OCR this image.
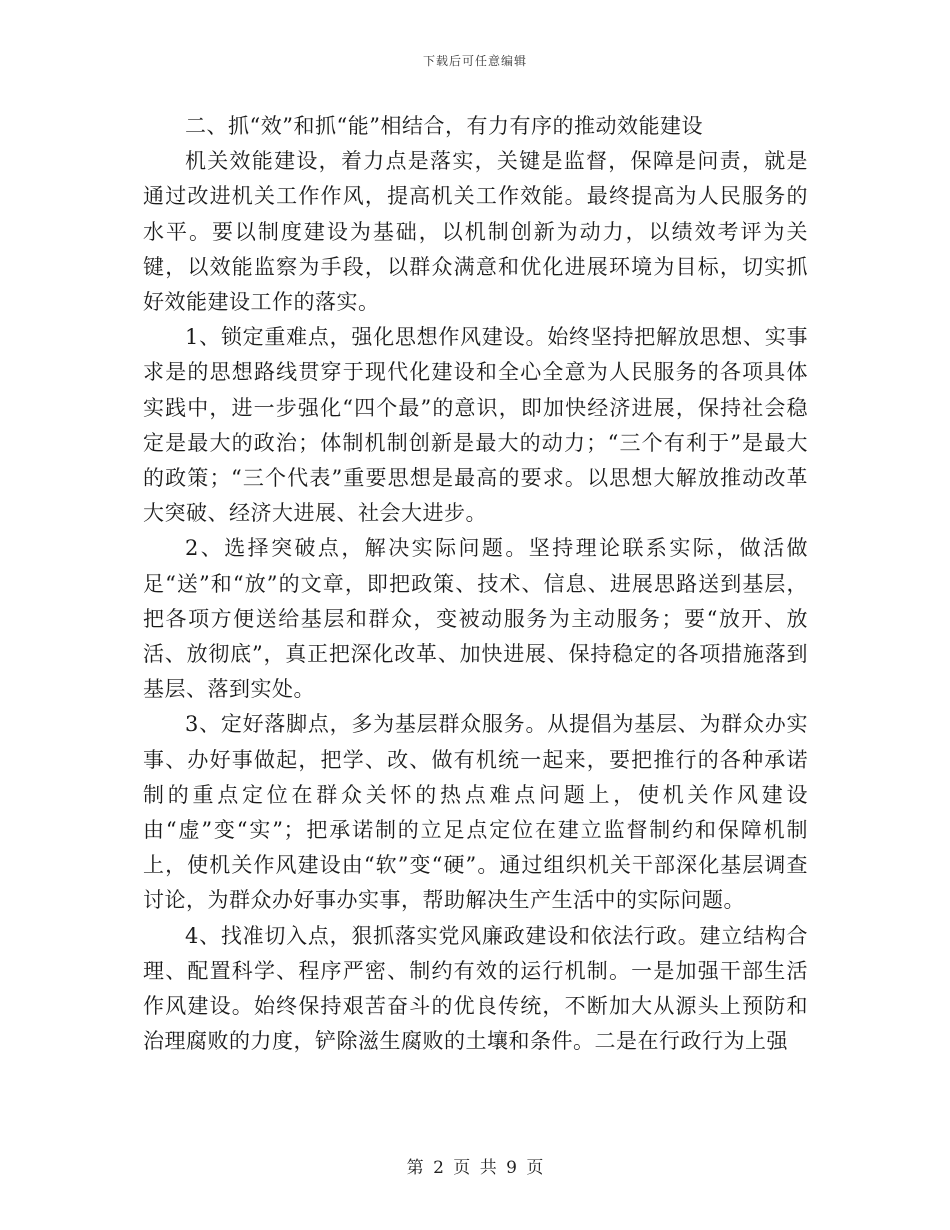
下载后可任意编辑

二、抓“效”和抓“能”相结合，有力有序的推动效能建设

机关效能建设，着力点是落实，关键是监督，保障是问责，就是通过改进机关工作作风，提高机关工作效能。最终提高为人民服务的水平。要以制度建设为基础，以机制创新为动力，以绩效考评为关键，以效能监察为手段，以群众满意和优化进展环境为目标，切实抓好效能建设工作的落实。

1、锁定重难点，强化思想作风建设。始终坚持把解放思想、实事求是的思想路线贯穿于现代化建设和全心全意为人民服务的各项具体实践中，进一步强化“四个最”的意识，即加快经济进展，保持社会稳定是最大的政治；体制机制创新是最大的动力；“三个有利于”是最大的政策；“三个代表”重要思想是最高的要求。以思想大解放推动改革大突破、经济大进展、社会大进步。

2、选择突破点，解决实际问题。坚持理论联系实际，做活做足“送”和“放”的文章，即把政策、技术、信息、进展思路送到基层，把各项方便送给基层和群众，变被动服务为主动服务；要“放开、放活、放彻底”，真正把深化改革、加快进展、保持稳定的各项措施落到基层、落到实处。

3、定好落脚点，多为基层群众服务。从提倡为基层、为群众办实事、办好事做起，把学、改、做有机统一起来，要把推行的各种承诺制的重点定位在群众关怀的热点难点问题上，使机关作风建设由“虚”变“实”；把承诺制的立足点定位在建立监督制约和保障机制上，使机关作风建设由“软”变“硬”。通过组织机关干部深化基层调查讨论，为群众办好事办实事，帮助解决生产生活中的实际问题。

4、找准切入点，狠抓落实党风廉政建设和依法行政。建立结构合理、配置科学、程序严密、制约有效的运行机制。一是加强干部生活作风建设。始终保持艰苦奋斗的优良传统，不断加大从源头上预防和治理腐败的力度，铲除滋生腐败的土壤和条件。二是在行政行为上强

第 2 页 共 9 页
